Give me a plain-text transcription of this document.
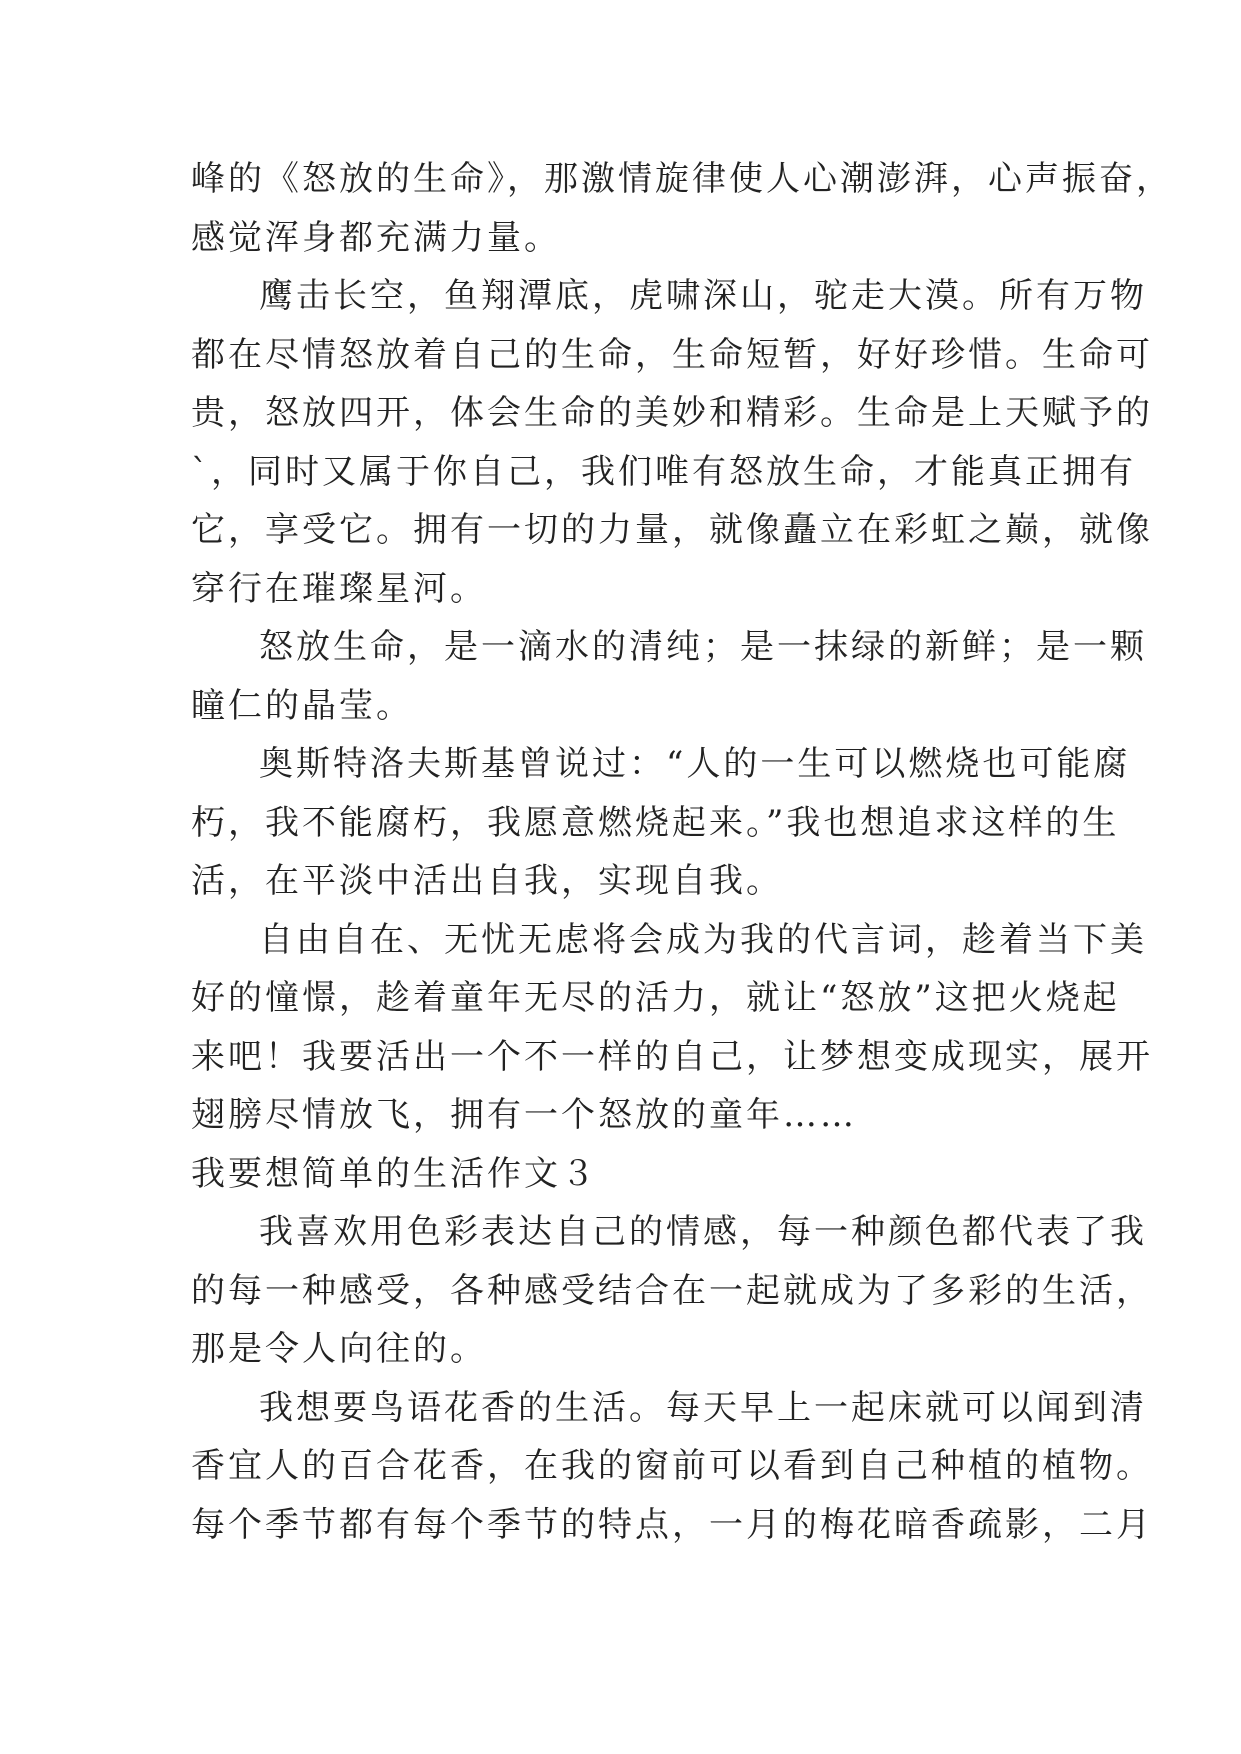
峰的《怒放的生命》，那激情旋律使人心潮澎湃，心声振奋，
感觉浑身都充满力量。
鹰击长空，鱼翔潭底，虎啸深山，驼走大漠。所有万物
都在尽情怒放着自己的生命，生命短暂，好好珍惜。生命可
贵，怒放四开，体会生命的美妙和精彩。生命是上天赋予的
`，同时又属于你自己，我们唯有怒放生命，才能真正拥有
它，享受它。拥有一切的力量，就像矗立在彩虹之巅，就像
穿行在璀璨星河。
怒放生命，是一滴水的清纯；是一抹绿的新鲜；是一颗
瞳仁的晶莹。
奥斯特洛夫斯基曾说过：“人的一生可以燃烧也可能腐
朽，我不能腐朽，我愿意燃烧起来。”我也想追求这样的生
活，在平淡中活出自我，实现自我。
自由自在、无忧无虑将会成为我的代言词，趁着当下美
好的憧憬，趁着童年无尽的活力，就让“怒放”这把火烧起
来吧！我要活出一个不一样的自己，让梦想变成现实，展开
翅膀尽情放飞，拥有一个怒放的童年……
我要想简单的生活作文３
我喜欢用色彩表达自己的情感，每一种颜色都代表了我
的每一种感受，各种感受结合在一起就成为了多彩的生活，
那是令人向往的。
我想要鸟语花香的生活。每天早上一起床就可以闻到清
香宜人的百合花香，在我的窗前可以看到自己种植的植物。
每个季节都有每个季节的特点，一月的梅花暗香疏影，二月
